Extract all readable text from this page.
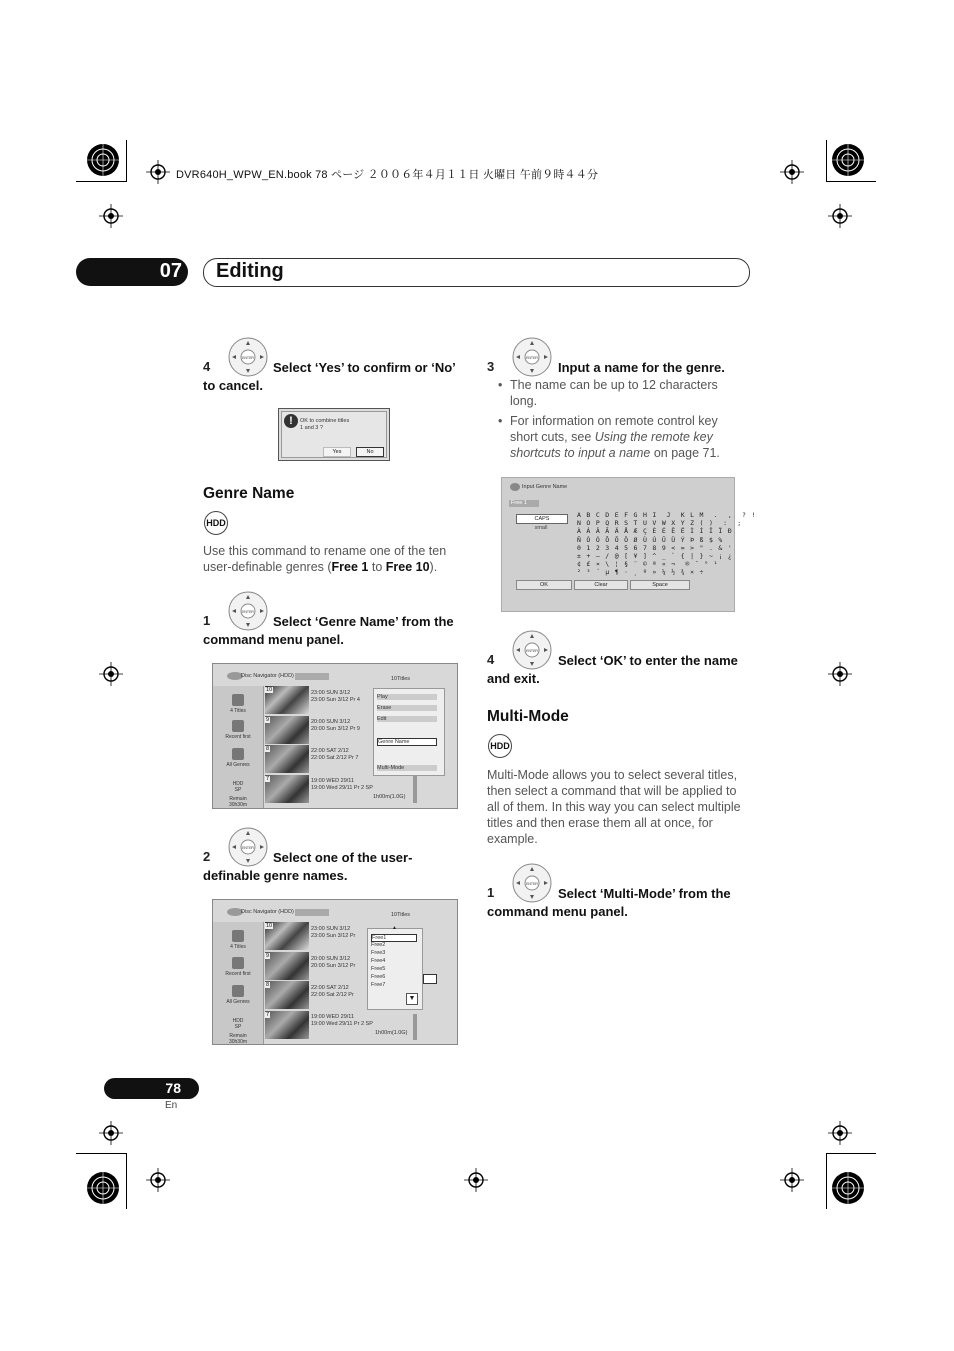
DVR640H_WPW_EN.book 78 ページ ２００６年４月１１日 火曜日 午前９時４４分
07 Editing
ENTER
4	Select ‘Yes’ to confirm or ‘No’ to cancel.
!	OK to combine titles
1 and 3 ?
Yes	No
Genre Name
HDD
Use this command to rename one of the ten user-definable genres (Free 1 to Free 10).
ENTER
1	Select ‘Genre Name’ from the command menu panel.
Disc Navigator (HDD)	10Titles
4 Titles
Recent first
All Genres
HDD
SP
Remain
30h30m
10	23:00 SUN 3/12
23:00 Sun 3/12 Pr 4
9	20:00 SUN 3/12
20:00 Sun 3/12 Pr 9
8	22:00 SAT 2/12
22:00 Sat 2/12 Pr 7
7	19:00 WED 29/11
19:00 Wed 29/11 Pr 2 SP
1h00m(1.0G)
Play
Erase
Edit
Genre Name
Multi-Mode
ENTER
2	Select one of the user-definable genre names.
Disc Navigator (HDD)	10Titles
4 Titles
Recent first
All Genres
HDD
SP
Remain
30h30m
10	23:00 SUN 3/12
23:00 Sun 3/12 Pr
9	20:00 SUN 3/12
20:00 Sun 3/12 Pr
8	22:00 SAT 2/12
22:00 Sat 2/12 Pr
7	19:00 WED 29/11
19:00 Wed 29/11 Pr 2 SP
1h00m(1.0G)
▲
Free1
Free2
Free3
Free4
Free5
Free6
Free7
▼
ENTER
3	Input a name for the genre.
• The name can be up to 12 characters long.
• For information on remote control key short cuts, see Using the remote key shortcuts to input a name on page 71.
Input Genre Name
Free 1
CAPS
small
A B C D E F G H I  J  K L M  .  ,  ? !
N O P Q R S T U V W X Y Z ( )  :  ;
À Á Â Ã Ä Å Æ Ç È É Ê Ë Ì Í Î Ï Ð
Ñ Ò Ó Ô Õ Ö Ø Ù Ú Û Ü Ý Þ ß $ %
0 1 2 3 4 5 6 7 8 9 < = > " . & '
± + ‒ / @ [ ¥ ] ^ _ ` { | } ~ ¡ ¿
¢ £ ¤ \ ¦ § ¨ © ª « ¬  ® ¯ ° ¹
² ³ ´ µ ¶ · ¸ º » ¼ ½ ¾ × ÷
OK	Clear	Space
ENTER
4	Select ‘OK’ to enter the name and exit.
Multi-Mode
HDD
Multi-Mode allows you to select several titles, then select a command that will be applied to all of them. In this way you can select multiple titles and then erase them all at once, for example.
ENTER
1	Select ‘Multi-Mode’ from the command menu panel.
78
En
